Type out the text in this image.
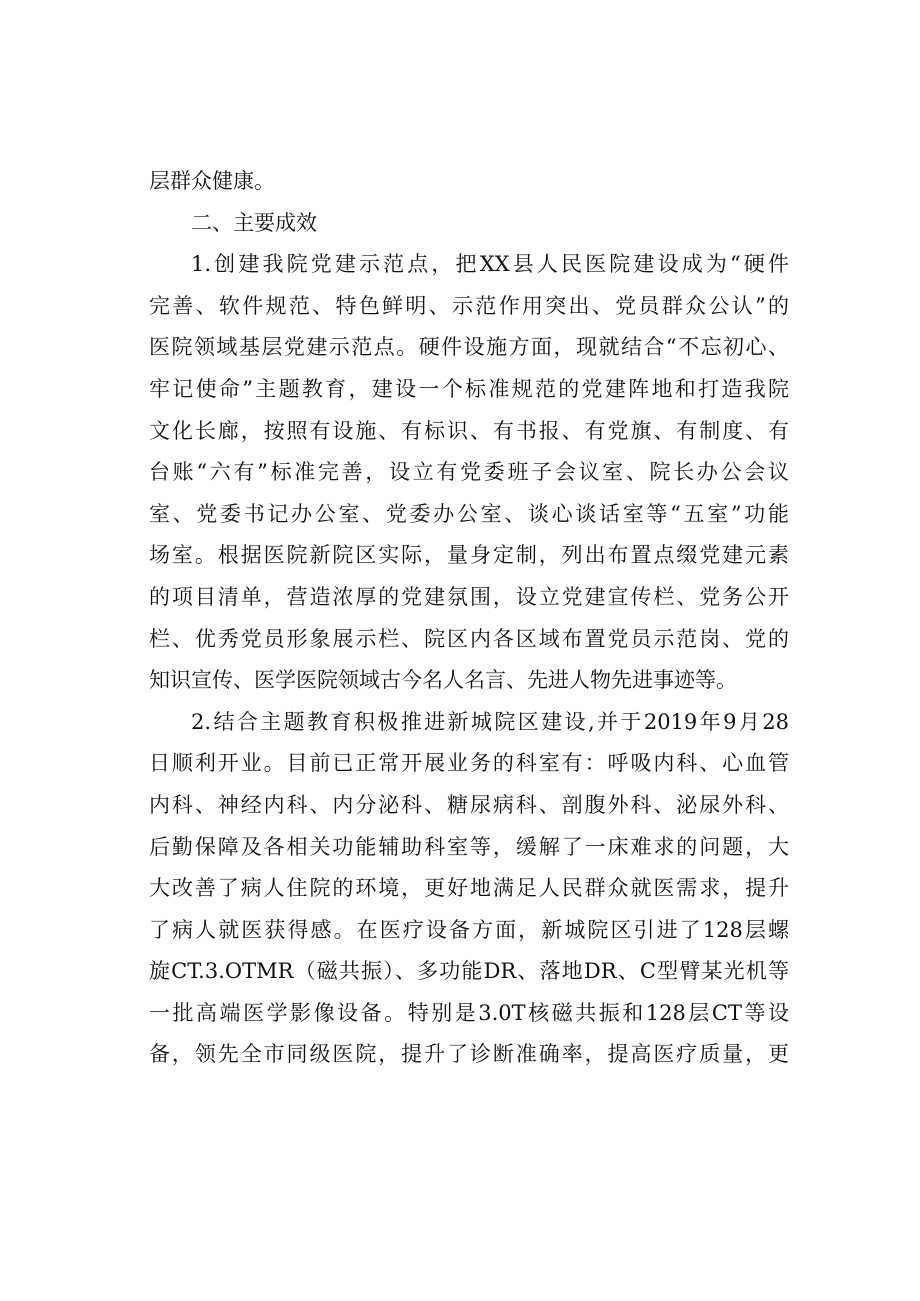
层群众健康。
二、主要成效
1.创建我院党建示范点，把XX县人民医院建设成为“硬件
完善、软件规范、特色鲜明、示范作用突出、党员群众公认”的
医院领域基层党建示范点。硬件设施方面，现就结合“不忘初心、
牢记使命”主题教育，建设一个标准规范的党建阵地和打造我院
文化长廊，按照有设施、有标识、有书报、有党旗、有制度、有
台账“六有”标准完善，设立有党委班子会议室、院长办公会议
室、党委书记办公室、党委办公室、谈心谈话室等“五室”功能
场室。根据医院新院区实际，量身定制，列出布置点缀党建元素
的项目清单，营造浓厚的党建氛围，设立党建宣传栏、党务公开
栏、优秀党员形象展示栏、院区内各区域布置党员示范岗、党的
知识宣传、医学医院领域古今名人名言、先进人物先进事迹等。
2.结合主题教育积极推进新城院区建设,并于2019年9月28
日顺利开业。目前已正常开展业务的科室有：呼吸内科、心血管
内科、神经内科、内分泌科、糖尿病科、剖腹外科、泌尿外科、
后勤保障及各相关功能辅助科室等，缓解了一床难求的问题，大
大改善了病人住院的环境，更好地满足人民群众就医需求，提升
了病人就医获得感。在医疗设备方面，新城院区引进了128层螺
旋CT.3.OTMR（磁共振）、多功能DR、落地DR、C型臂某光机等
一批高端医学影像设备。特别是3.0T核磁共振和128层CT等设
备，领先全市同级医院，提升了诊断准确率，提高医疗质量，更
